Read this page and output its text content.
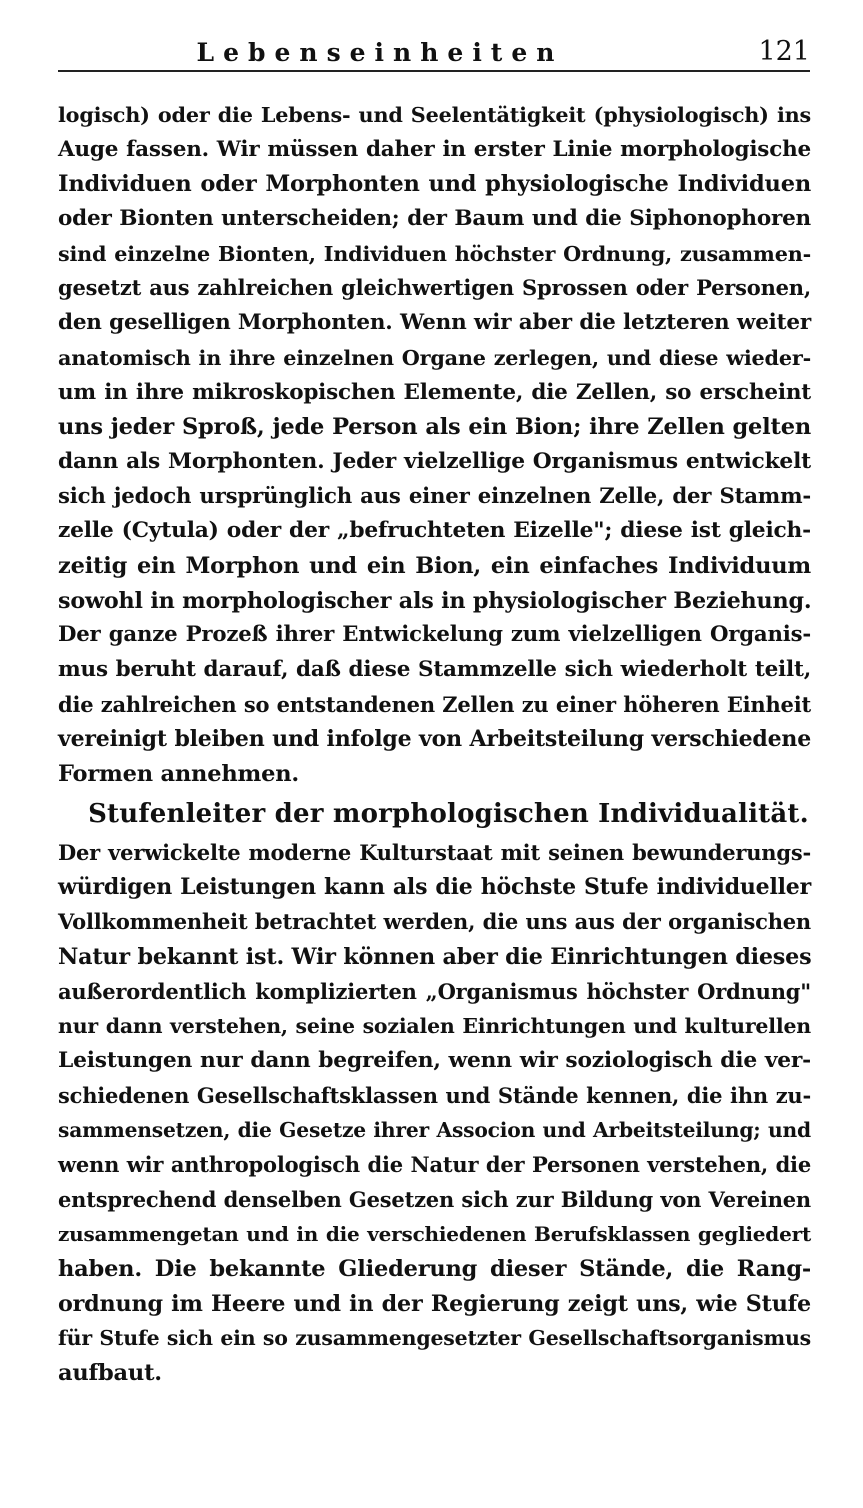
Lebenseinheiten	121
logisch) oder die Lebens- und Seelentätigkeit (physiologisch) ins
Auge fassen. Wir müssen daher in erster Linie morphologische
Individuen oder Morphonten und physiologische Individuen
oder Bionten unterscheiden; der Baum und die Siphonophoren
sind einzelne Bionten, Individuen höchster Ordnung, zusammen-
gesetzt aus zahlreichen gleichwertigen Sprossen oder Personen,
den geselligen Morphonten. Wenn wir aber die letzteren weiter
anatomisch in ihre einzelnen Organe zerlegen, und diese wieder-
um in ihre mikroskopischen Elemente, die Zellen, so erscheint
uns jeder Sproß, jede Person als ein Bion; ihre Zellen gelten
dann als Morphonten. Jeder vielzellige Organismus entwickelt
sich jedoch ursprünglich aus einer einzelnen Zelle, der Stamm-
zelle (Cytula) oder der „befruchteten Eizelle"; diese ist gleich-
zeitig ein Morphon und ein Bion, ein einfaches Individuum
sowohl in morphologischer als in physiologischer Beziehung.
Der ganze Prozeß ihrer Entwickelung zum vielzelligen Organis-
mus beruht darauf, daß diese Stammzelle sich wiederholt teilt,
die zahlreichen so entstandenen Zellen zu einer höheren Einheit
vereinigt bleiben und infolge von Arbeitsteilung verschiedene
Formen annehmen.
Stufenleiter der morphologischen Individualität.
Der verwickelte moderne Kulturstaat mit seinen bewunderungs-
würdigen Leistungen kann als die höchste Stufe individueller
Vollkommenheit betrachtet werden, die uns aus der organischen
Natur bekannt ist. Wir können aber die Einrichtungen dieses
außerordentlich komplizierten „Organismus höchster Ordnung"
nur dann verstehen, seine sozialen Einrichtungen und kulturellen
Leistungen nur dann begreifen, wenn wir soziologisch die ver-
schiedenen Gesellschaftsklassen und Stände kennen, die ihn zu-
sammensetzen, die Gesetze ihrer Associon und Arbeitsteilung; und
wenn wir anthropologisch die Natur der Personen verstehen, die
entsprechend denselben Gesetzen sich zur Bildung von Vereinen
zusammengetan und in die verschiedenen Berufsklassen gegliedert
haben. Die bekannte Gliederung dieser Stände, die Rang-
ordnung im Heere und in der Regierung zeigt uns, wie Stufe
für Stufe sich ein so zusammengesetzter Gesellschaftsorganismus
aufbaut.
